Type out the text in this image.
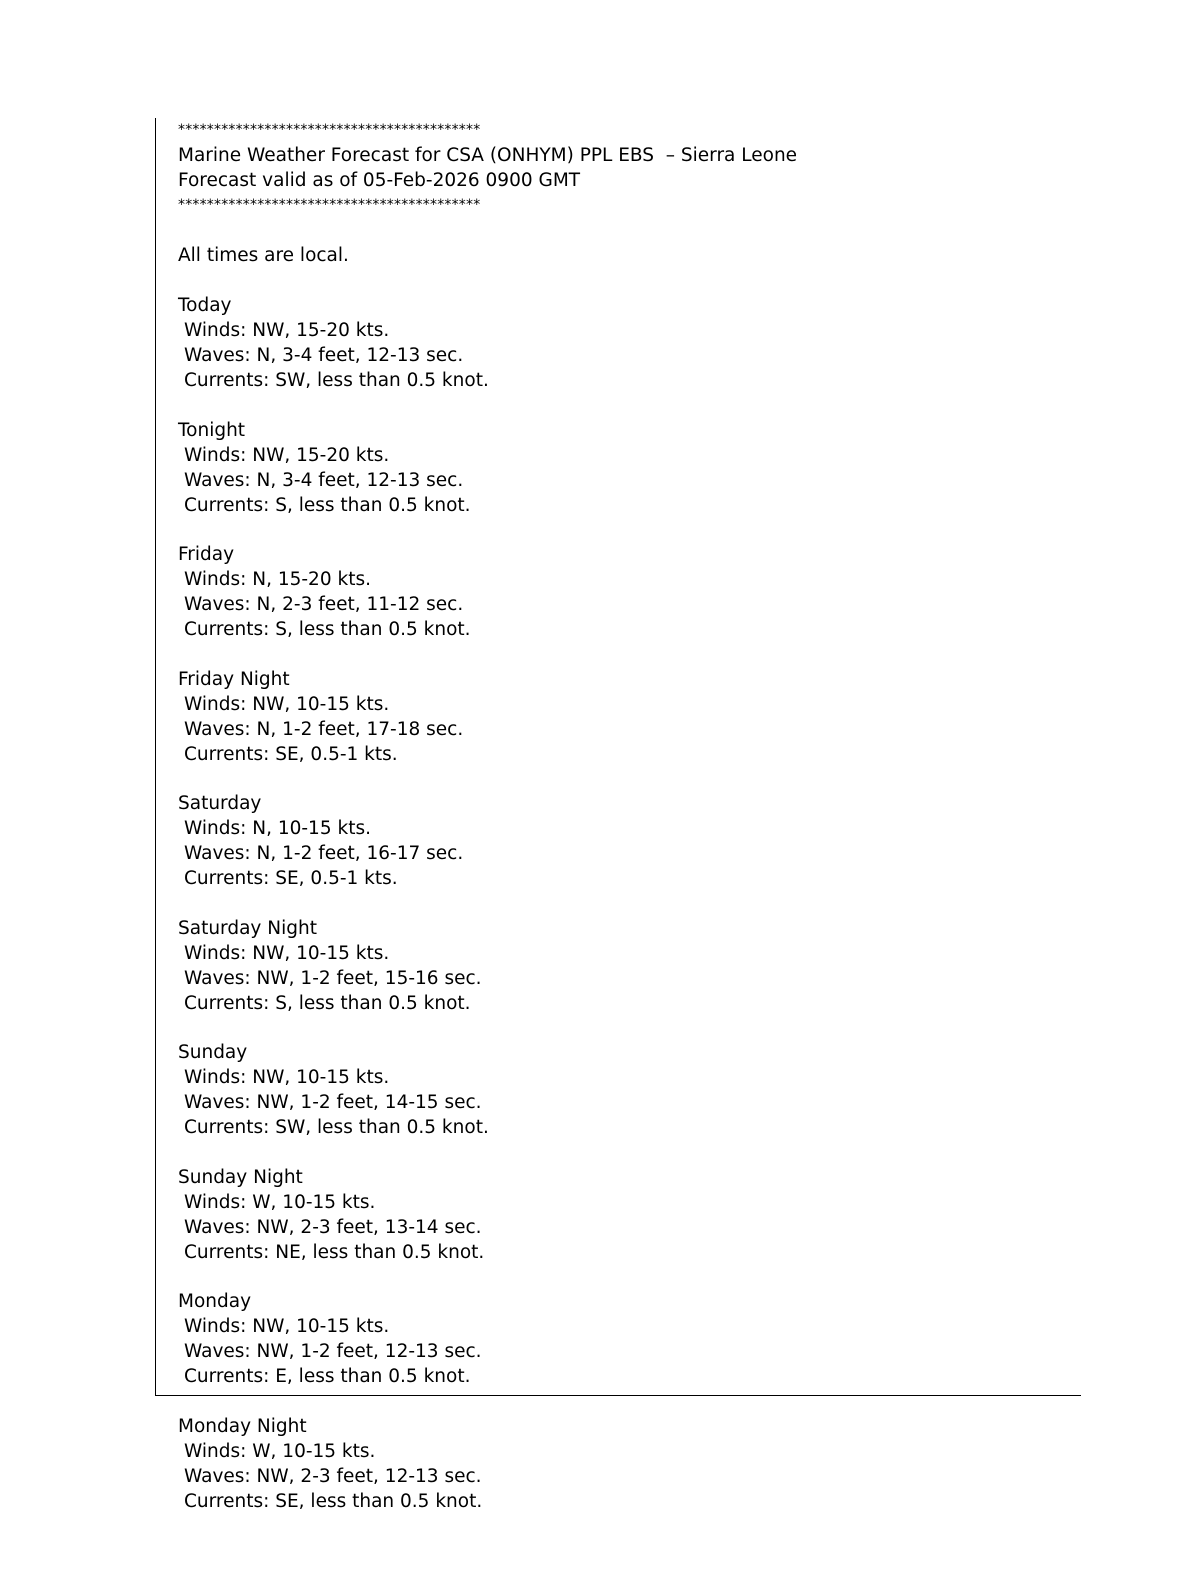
******************************************
Marine Weather Forecast for CSA (ONHYM) PPL EBS  – Sierra Leone
Forecast valid as of 05-Feb-2026 0900 GMT
******************************************
All times are local.
Today
Winds: NW, 15-20 kts.
Waves: N, 3-4 feet, 12-13 sec.
Currents: SW, less than 0.5 knot.
Tonight
Winds: NW, 15-20 kts.
Waves: N, 3-4 feet, 12-13 sec.
Currents: S, less than 0.5 knot.
Friday
Winds: N, 15-20 kts.
Waves: N, 2-3 feet, 11-12 sec.
Currents: S, less than 0.5 knot.
Friday Night
Winds: NW, 10-15 kts.
Waves: N, 1-2 feet, 17-18 sec.
Currents: SE, 0.5-1 kts.
Saturday
Winds: N, 10-15 kts.
Waves: N, 1-2 feet, 16-17 sec.
Currents: SE, 0.5-1 kts.
Saturday Night
Winds: NW, 10-15 kts.
Waves: NW, 1-2 feet, 15-16 sec.
Currents: S, less than 0.5 knot.
Sunday
Winds: NW, 10-15 kts.
Waves: NW, 1-2 feet, 14-15 sec.
Currents: SW, less than 0.5 knot.
Sunday Night
Winds: W, 10-15 kts.
Waves: NW, 2-3 feet, 13-14 sec.
Currents: NE, less than 0.5 knot.
Monday
Winds: NW, 10-15 kts.
Waves: NW, 1-2 feet, 12-13 sec.
Currents: E, less than 0.5 knot.
Monday Night
Winds: W, 10-15 kts.
Waves: NW, 2-3 feet, 12-13 sec.
Currents: SE, less than 0.5 knot.
